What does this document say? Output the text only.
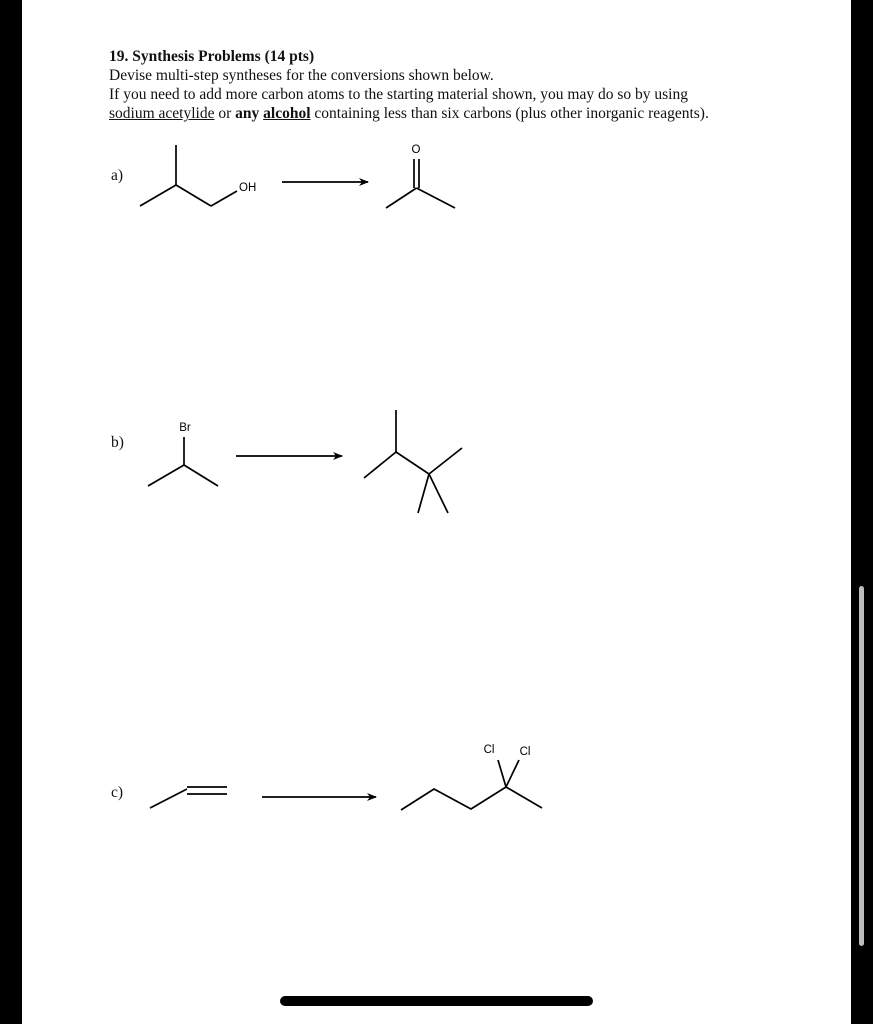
19. Synthesis Problems (14 pts)
Devise multi-step syntheses for the conversions shown below.
If you need to add more carbon atoms to the starting material shown, you may do so by using
sodium acetylide or any alcohol containing less than six carbons (plus other inorganic reagents).
a)
b)
c)
OH
O
Br
Cl Cl
